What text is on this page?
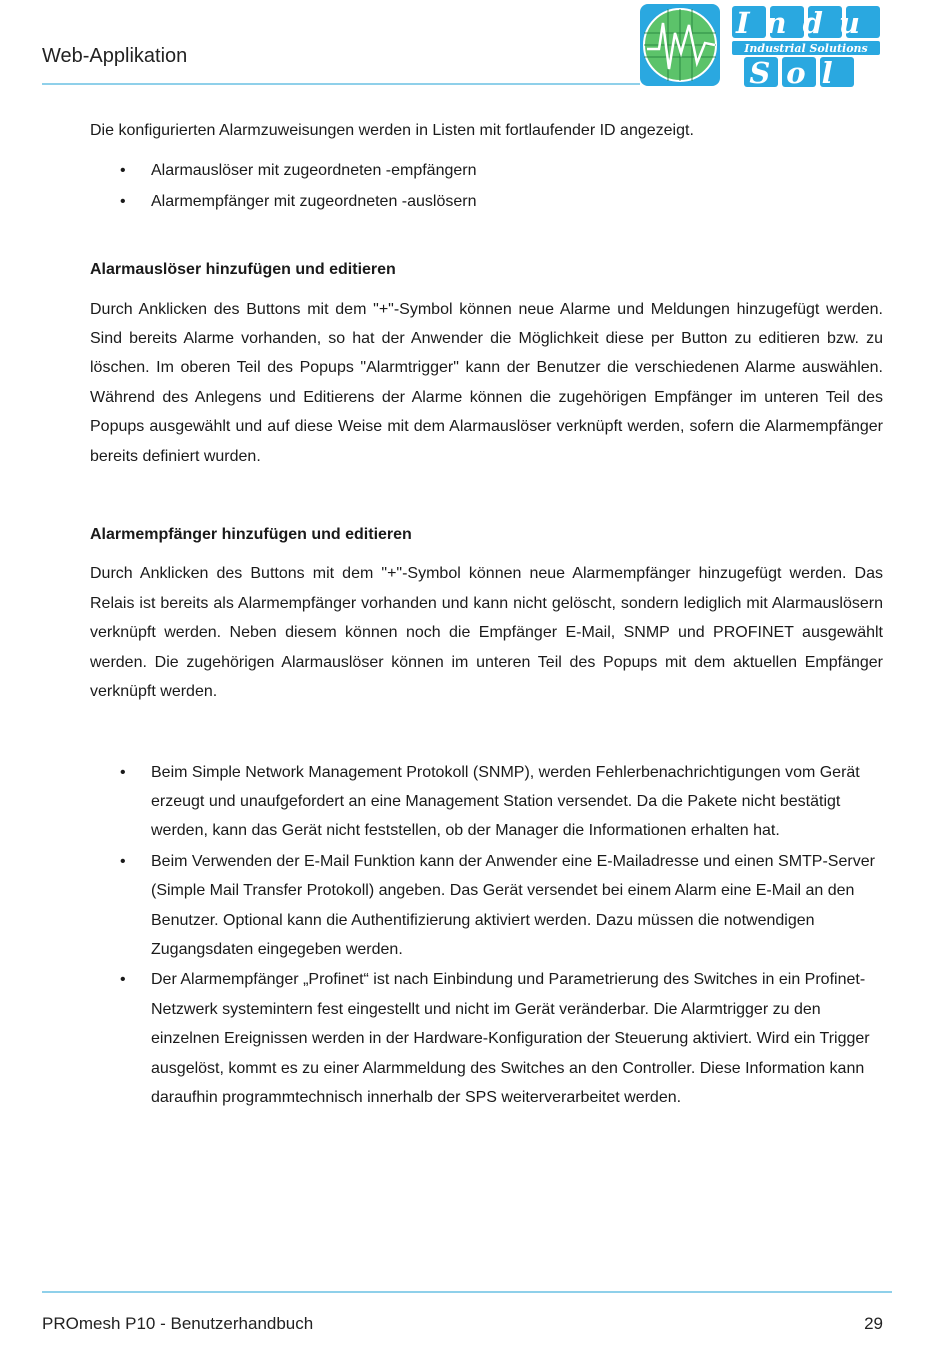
Web-Applikation
Indu
Industrial Solutions
Sol

Die konfigurierten Alarmzuweisungen werden in Listen mit fortlaufender ID angezeigt.

• Alarmauslöser mit zugeordneten -empfängern
• Alarmempfänger mit zugeordneten -auslösern
Alarmauslöser hinzufügen und editieren

Durch Anklicken des Buttons mit dem "+"-Symbol können neue Alarme und Meldungen hinzugefügt werden. Sind bereits Alarme vorhanden, so hat der Anwender die Möglichkeit diese per Button zu editieren bzw. zu löschen. Im oberen Teil des Popups "Alarmtrigger" kann der Benutzer die verschiedenen Alarme auswählen. Während des Anlegens und Editierens der Alarme können die zugehörigen Empfänger im unteren Teil des Popups ausgewählt und auf diese Weise mit dem Alarmauslöser verknüpft werden, sofern die Alarmempfänger bereits definiert wurden.

Alarmempfänger hinzufügen und editieren

Durch Anklicken des Buttons mit dem "+"-Symbol können neue Alarmempfänger hinzugefügt werden. Das Relais ist bereits als Alarmempfänger vorhanden und kann nicht gelöscht, sondern lediglich mit Alarmauslösern verknüpft werden. Neben diesem können noch die Empfänger E-Mail, SNMP und PROFINET ausgewählt werden. Die zugehörigen Alarmauslöser können im unteren Teil des Popups mit dem aktuellen Empfänger verknüpft werden.

• Beim Simple Network Management Protokoll (SNMP), werden Fehlerbenachrichtigungen vom Gerät erzeugt und unaufgefordert an eine Management Station versendet. Da die Pakete nicht bestätigt werden, kann das Gerät nicht feststellen, ob der Manager die Informationen erhalten hat.
• Beim Verwenden der E-Mail Funktion kann der Anwender eine E-Mailadresse und einen SMTP-Server (Simple Mail Transfer Protokoll) angeben. Das Gerät versendet bei einem Alarm eine E-Mail an den Benutzer. Optional kann die Authentifizierung aktiviert werden. Dazu müssen die notwendigen Zugangsdaten eingegeben werden.
• Der Alarmempfänger „Profinet“ ist nach Einbindung und Parametrierung des Switches in ein Profinet-Netzwerk systemintern fest eingestellt und nicht im Gerät veränderbar. Die Alarmtrigger zu den einzelnen Ereignissen werden in der Hardware-Konfiguration der Steuerung aktiviert. Wird ein Trigger ausgelöst, kommt es zu einer Alarmmeldung des Switches an den Controller. Diese Information kann daraufhin programmtechnisch innerhalb der SPS weiterverarbeitet werden.
PROmesh P10 - Benutzerhandbuch	29
